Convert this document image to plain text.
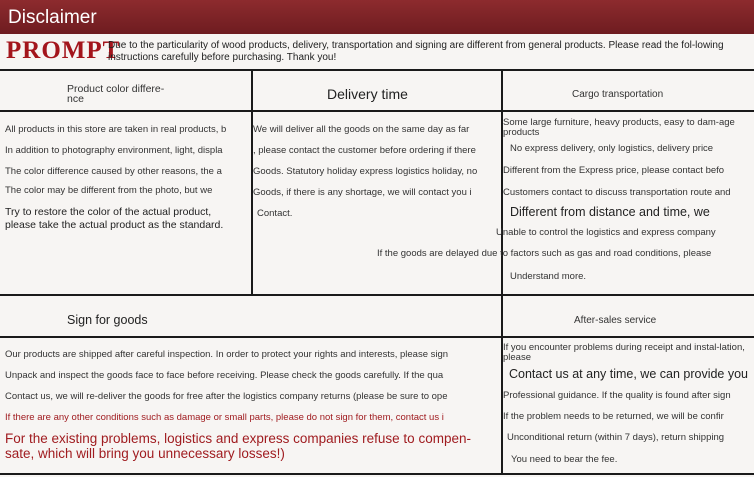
Disclaimer
PROMPT
Due to the particularity of wood products, delivery, transportation and signing are different from general products. Please read the fol-lowing instructions carefully before purchasing. Thank you!
Product color differe-nce
All products in this store are taken in real products, b
In addition to photography environment, light, displa
The color difference caused by other reasons, the a
The color may be different from the photo, but we
Try to restore the color of the actual product, please take the actual product as the standard.
Delivery time
We will deliver all the goods on the same day as far
, please contact the customer before ordering if there
Goods. Statutory holiday express logistics holiday, no
Goods, if there is any shortage, we will contact you i
Contact.
Cargo transportation
Some large furniture, heavy products, easy to dam-age products
No express delivery, only logistics, delivery price
Different from the Express price, please contact befo
Customers contact to discuss transportation route and
Different from distance and time, we
Unable to control the logistics and express company
If the goods are delayed due to factors such as gas and road conditions, please
Understand more.
Sign for goods
Our products are shipped after careful inspection. In order to protect your rights and interests, please sign
Unpack and inspect the goods face to face before receiving. Please check the goods carefully. If the qua
Contact us, we will re-deliver the goods for free after the logistics company returns (please be sure to ope
If there are any other conditions such as damage or small parts, please do not sign for them, contact us i
For the existing problems, logistics and express companies refuse to compen-sate, which will bring you unnecessary losses!)
After-sales service
If you encounter problems during receipt and instal-lation, please
Contact us at any time, we can provide you
Professional guidance. If the quality is found after sign
If the problem needs to be returned, we will be confir
Unconditional return (within 7 days), return shipping
You need to bear the fee.
